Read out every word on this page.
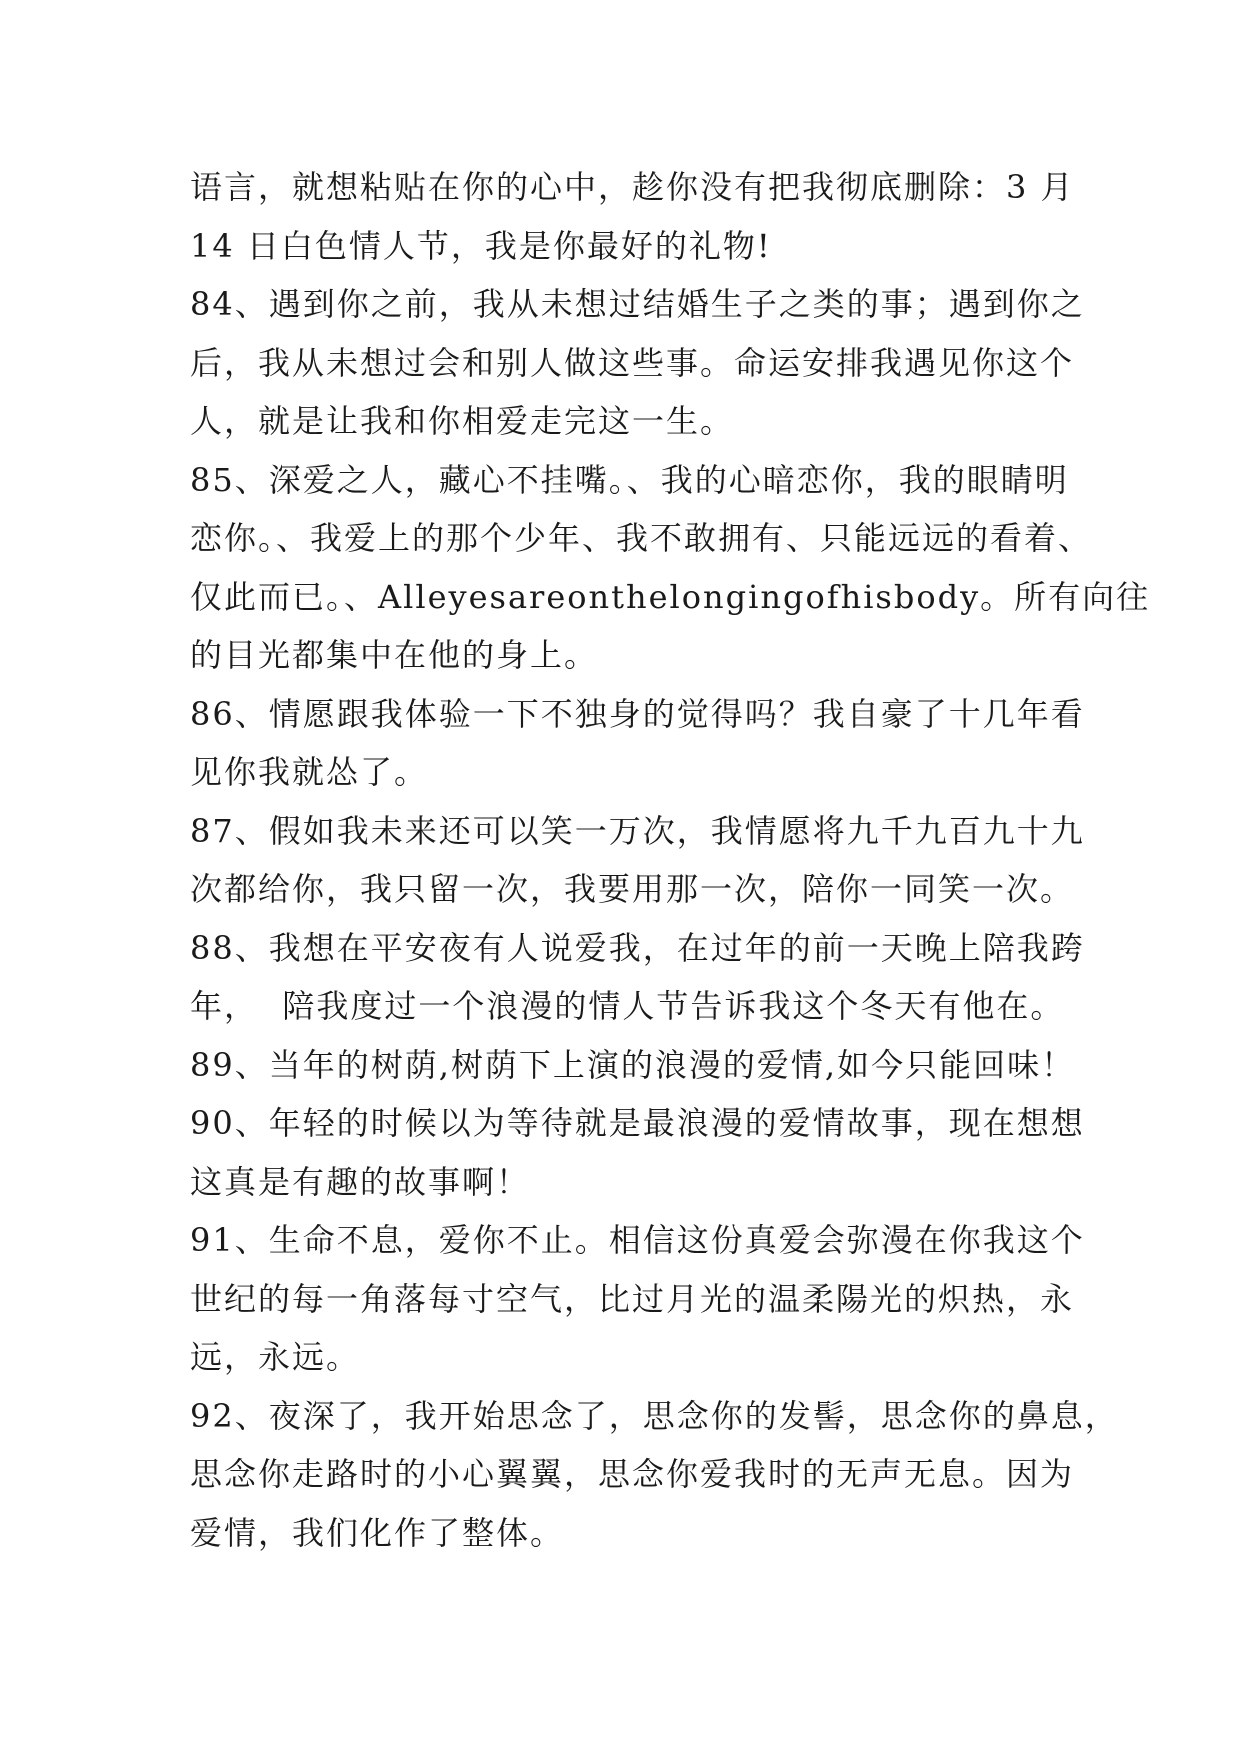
语言，就想粘贴在你的心中，趁你没有把我彻底删除：3 月
14 日白色情人节，我是你最好的礼物!
84、遇到你之前，我从未想过结婚生子之类的事；遇到你之
后，我从未想过会和别人做这些事。命运安排我遇见你这个
人，就是让我和你相爱走完这一生。
85、深爱之人，藏心不挂嘴。、我的心暗恋你，我的眼睛明
恋你。、我爱上的那个少年、我不敢拥有、只能远远的看着、
仅此而已。、Alleyesareonthelongingofhisbody。所有向往
的目光都集中在他的身上。
86、情愿跟我体验一下不独身的觉得吗？我自豪了十几年看
见你我就怂了。
87、假如我未来还可以笑一万次，我情愿将九千九百九十九
次都给你，我只留一次，我要用那一次，陪你一同笑一次。
88、我想在平安夜有人说爱我，在过年的前一天晚上陪我跨
年，  陪我度过一个浪漫的情人节告诉我这个冬天有他在。
89、当年的树荫,树荫下上演的浪漫的爱情,如今只能回味！
90、年轻的时候以为等待就是最浪漫的爱情故事，现在想想
这真是有趣的故事啊！
91、生命不息，爱你不止。相信这份真爱会弥漫在你我这个
世纪的每一角落每寸空气，比过月光的温柔陽光的炽热，永
远，永远。
92、夜深了，我开始思念了，思念你的发髻，思念你的鼻息，
思念你走路时的小心翼翼，思念你爱我时的无声无息。因为
爱情，我们化作了整体。
